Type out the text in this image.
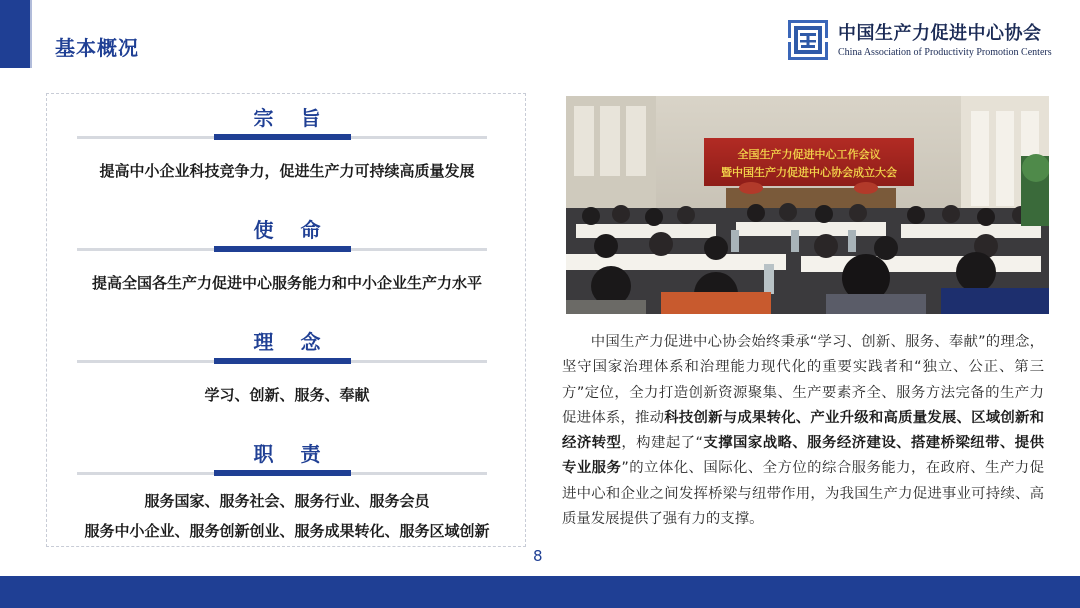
基本概况
中国生产力促进中心协会
China Association of Productivity Promotion Centers
宗 旨
提高中小企业科技竞争力，促进生产力可持续高质量发展
使 命
提高全国各生产力促进中心服务能力和中小企业生产力水平
理 念
学习、创新、服务、奉献
职 责
服务国家、服务社会、服务行业、服务会员
服务中小企业、服务创新创业、服务成果转化、服务区域创新
全国生产力促进中心工作会议
暨中国生产力促进中心协会成立大会
中国生产力促进中心协会始终秉承“学习、创新、服务、奉献”的理念，坚守国家治理体系和治理能力现代化的重要实践者和“独立、公正、第三方”定位，全力打造创新资源聚集、生产要素齐全、服务方法完备的生产力促进体系，推动科技创新与成果转化、产业升级和高质量发展、区域创新和经济转型，构建起了“支撑国家战略、服务经济建设、搭建桥梁纽带、提供专业服务”的立体化、国际化、全方位的综合服务能力，在政府、生产力促进中心和企业之间发挥桥梁与纽带作用，为我国生产力促进事业可持续、高质量发展提供了强有力的支撑。
8
